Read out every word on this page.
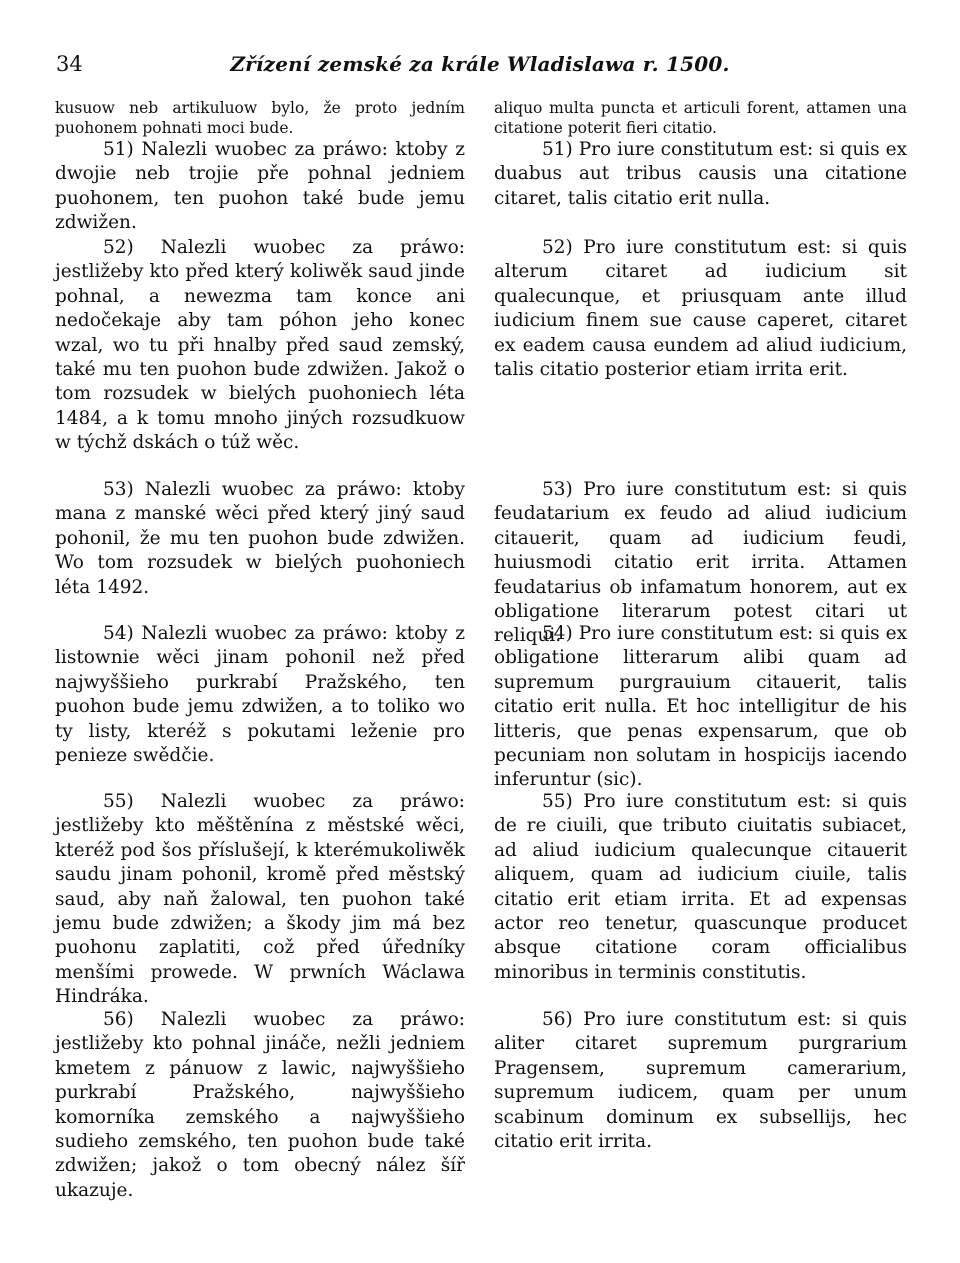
34	Zřízení zemské za krále Wladislawa r. 1500.

kusuow neb artikuluow bylo, že proto jedním puohonem pohnati moci bude.

51) Nalezli wuobec za práwo: ktoby z dwojie neb trojie pře pohnal jedniem puohonem, ten puohon také bude jemu zdwižen.

52) Nalezli wuobec za práwo: jestližeby kto před který koliwěk saud jinde pohnal, a newezma tam konce ani nedočekaje aby tam póhon jeho konec wzal, wo tu při hnalby před saud zemský, také mu ten puohon bude zdwižen. Jakož o tom rozsudek w bielých puohoniech léta 1484, a k tomu mnoho jiných rozsudkuow w týchž dskách o túž wěc.

53) Nalezli wuobec za práwo: ktoby mana z manské wěci před který jiný saud pohonil, že mu ten puohon bude zdwižen. Wo tom rozsudek w bielých puohoniech léta 1492.

54) Nalezli wuobec za práwo: ktoby z listownie wěci jinam pohonil než před najwyššieho purkrabí Pražského, ten puohon bude jemu zdwižen, a to toliko wo ty listy, kteréž s pokutami leženie pro penieze swědčie.

55) Nalezli wuobec za práwo: jestližeby kto měštěnína z městské wěci, kteréž pod šos příslušejí, k kterémukoliwěk saudu jinam pohonil, kromě před městský saud, aby naň žalowal, ten puohon také jemu bude zdwižen; a škody jim má bez puohonu zaplatiti, což před úředníky menšími prowede. W prwních Wáclawa Hindráka.

56) Nalezli wuobec za práwo: jestližeby kto pohnal jináče, nežli jedniem kmetem z pánuow z lawic, najwyššieho purkrabí Pražského, najwyššieho komorníka zemského a najwyššieho sudieho zemského, ten puohon bude také zdwižen; jakož o tom obecný nález šíř ukazuje.

aliquo multa puncta et articuli forent, attamen una citatione poterit fieri citatio.

51) Pro iure constitutum est: si quis ex duabus aut tribus causis una citatione citaret, talis citatio erit nulla.

52) Pro iure constitutum est: si quis alterum citaret ad iudicium sit qualecunque, et priusquam ante illud iudicium finem sue cause caperet, citaret ex eadem causa eundem ad aliud iudicium, talis citatio posterior etiam irrita erit.

53) Pro iure constitutum est: si quis feudatarium ex feudo ad aliud iudicium citauerit, quam ad iudicium feudi, huiusmodi citatio erit irrita. Attamen feudatarius ob infamatum honorem, aut ex obligatione literarum potest citari ut reliqui.

54) Pro iure constitutum est: si quis ex obligatione litterarum alibi quam ad supremum purgrauium citauerit, talis citatio erit nulla. Et hoc intelligitur de his litteris, que penas expensarum, que ob pecuniam non solutam in hospicijs iacendo inferuntur (sic).

55) Pro iure constitutum est: si quis de re ciuili, que tributo ciuitatis subiacet, ad aliud iudicium qualecunque citauerit aliquem, quam ad iudicium ciuile, talis citatio erit etiam irrita. Et ad expensas actor reo tenetur, quascunque producet absque citatione coram officialibus minoribus in terminis constitutis.

56) Pro iure constitutum est: si quis aliter citaret supremum purgrarium Pragensem, supremum camerarium, supremum iudicem, quam per unum scabinum dominum ex subsellijs, hec citatio erit irrita.
